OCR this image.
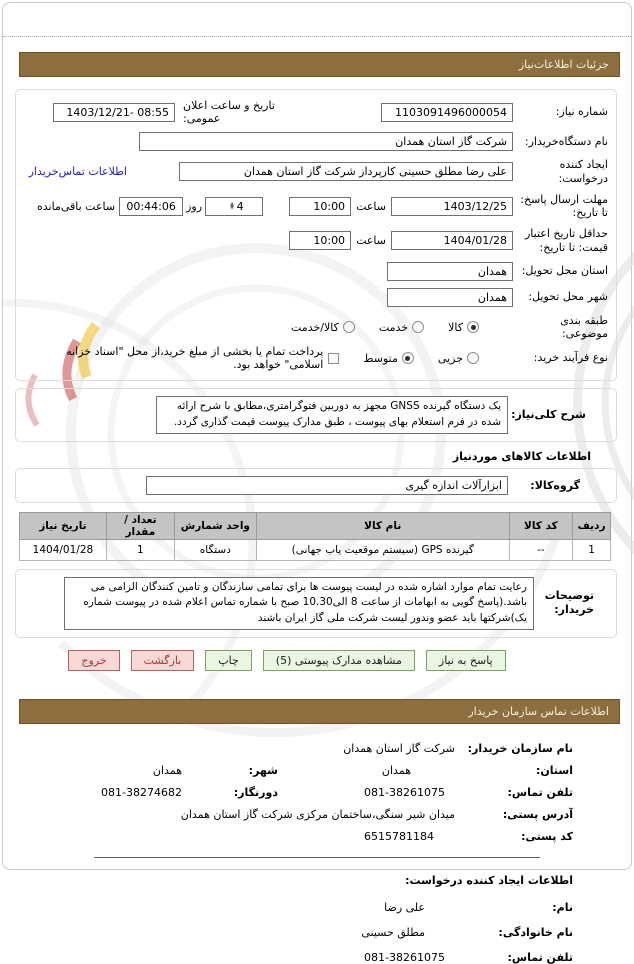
جزئیات اطلاعات‌نیاز
شماره نیاز:
1103091496000054
تاریخ و ساعت اعلان عمومی:
1403/12/21- 08:55
نام دستگاه‌خریدار:
شرکت گاز استان همدان
ایجاد کننده درخواست:
علی رضا مطلق حسینی کارپرداز شرکت گاز استان همدان
اطلاعات تماس‌خریدار
مهلت ارسال پاسخ: تا تاریخ:
1403/12/25
ساعت
10:00
4
▲
▼
روز
00:44:06
ساعت باقی‌مانده
حداقل تاریخ اعتبار قیمت: تا تاریخ:
1404/01/28
ساعت
10:00
استان محل تحویل:
همدان
شهر محل تحویل:
همدان
طبقه بندی موضوعی:
کالا
خدمت
کالا/خدمت
نوع فرآیند خرید:
جزیی
متوسط
پرداخت تمام یا بخشی از مبلغ خرید،از محل "اسناد خزانه اسلامی" خواهد بود.
شرح کلی‌نیاز:
یک دستگاه گیرنده GNSS مجهز به دوربین فتوگرامتری،مطابق با شرح ارائه شده در فرم استعلام بهای پیوست ، طبق مدارک پیوست قیمت گذاری گردد.
اطلاعات کالاهای موردنیاز
گروه‌کالا:
ابزارآلات اندازه گیری
ردیف	کد کالا	نام کالا	واحد شمارش	تعداد / مقدار	تاریخ نیاز
1	--	گیرنده GPS (سیستم موقعیت یاب جهانی)	دستگاه	1	1404/01/28
توضیحات خریدار:
رعایت تمام موارد اشاره شده در لیست پیوست ها برای تمامی سازندگان و تامین کنندگان الزامی می باشد.(پاسخ گویی به ابهامات از ساعت 8 الی10.30 صبح با شماره تماس اعلام شده در پیوست شماره یک)شرکتها باید عضو وندور لیست شرکت ملی گاز ایران باشند
پاسخ به نیاز
مشاهده مدارک پیوستی (5)
چاپ
بازگشت
خروج
اطلاعات تماس سازمان خریدار
نام سازمان خریدار:
شرکت گاز استان همدان
استان:
همدان
شهر:
همدان
تلفن تماس:
081-38261075
دورنگار:
081-38274682
آدرس پستی:
میدان شیر سنگی،ساختمان مرکزی شرکت گاز استان همدان
کد پستی:
6515781184
اطلاعات ایجاد کننده درخواست:
نام:
علی رضا
نام خانوادگی:
مطلق حسینی
تلفن تماس:
081-38261075
